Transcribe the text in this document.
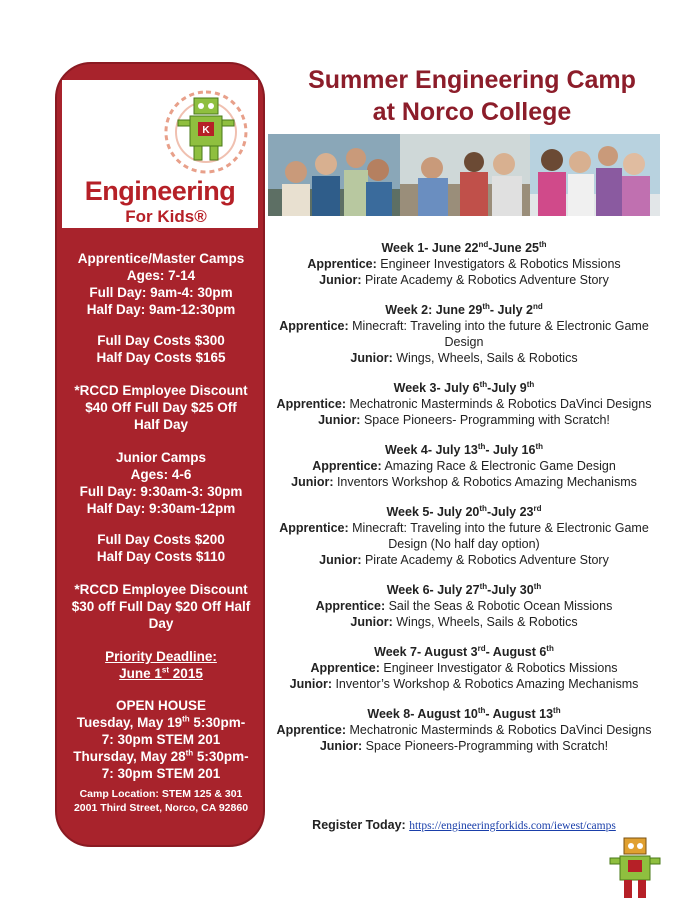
K
Engineering
For Kids®
Apprentice/Master Camps
Ages: 7-14
Full Day: 9am-4: 30pm
Half Day: 9am-12:30pm
Full Day Costs $300
Half Day Costs $165
*RCCD Employee Discount
$40 Off Full Day $25 Off
Half Day
Junior Camps
Ages: 4-6
Full Day: 9:30am-3: 30pm
Half Day: 9:30am-12pm
Full Day Costs $200
Half Day Costs $110
*RCCD Employee Discount
$30 off Full Day $20 Off Half
Day
Priority Deadline:
June 1st 2015
OPEN HOUSE
Tuesday, May 19th 5:30pm-
7: 30pm STEM 201
Thursday, May 28th 5:30pm-
7: 30pm STEM 201
Camp Location: STEM 125 & 301
2001 Third Street, Norco, CA 92860
Summer Engineering Camp
at Norco College
Week 1- June 22nd-June 25th
Apprentice: Engineer Investigators & Robotics Missions
Junior: Pirate Academy & Robotics Adventure Story
Week 2: June 29th- July 2nd
Apprentice: Minecraft: Traveling into the future & Electronic Game Design
Junior: Wings, Wheels, Sails & Robotics
Week 3- July 6th-July 9th
Apprentice: Mechatronic Masterminds & Robotics DaVinci Designs
Junior: Space Pioneers- Programming with Scratch!
Week 4- July 13th- July 16th
Apprentice: Amazing Race & Electronic Game Design
Junior: Inventors Workshop & Robotics Amazing Mechanisms
Week 5- July 20th-July 23rd
Apprentice: Minecraft: Traveling into the future & Electronic Game Design (No half day option)
Junior: Pirate Academy & Robotics Adventure Story
Week 6- July 27th-July 30th
Apprentice: Sail the Seas & Robotic Ocean Missions
Junior: Wings, Wheels, Sails & Robotics
Week 7- August 3rd- August 6th
Apprentice: Engineer Investigator & Robotics Missions
Junior: Inventor’s Workshop & Robotics Amazing Mechanisms
Week 8- August 10th- August 13th
Apprentice: Mechatronic Masterminds & Robotics DaVinci Designs
Junior: Space Pioneers-Programming with Scratch!
Register Today: https://engineeringforkids.com/iewest/camps
